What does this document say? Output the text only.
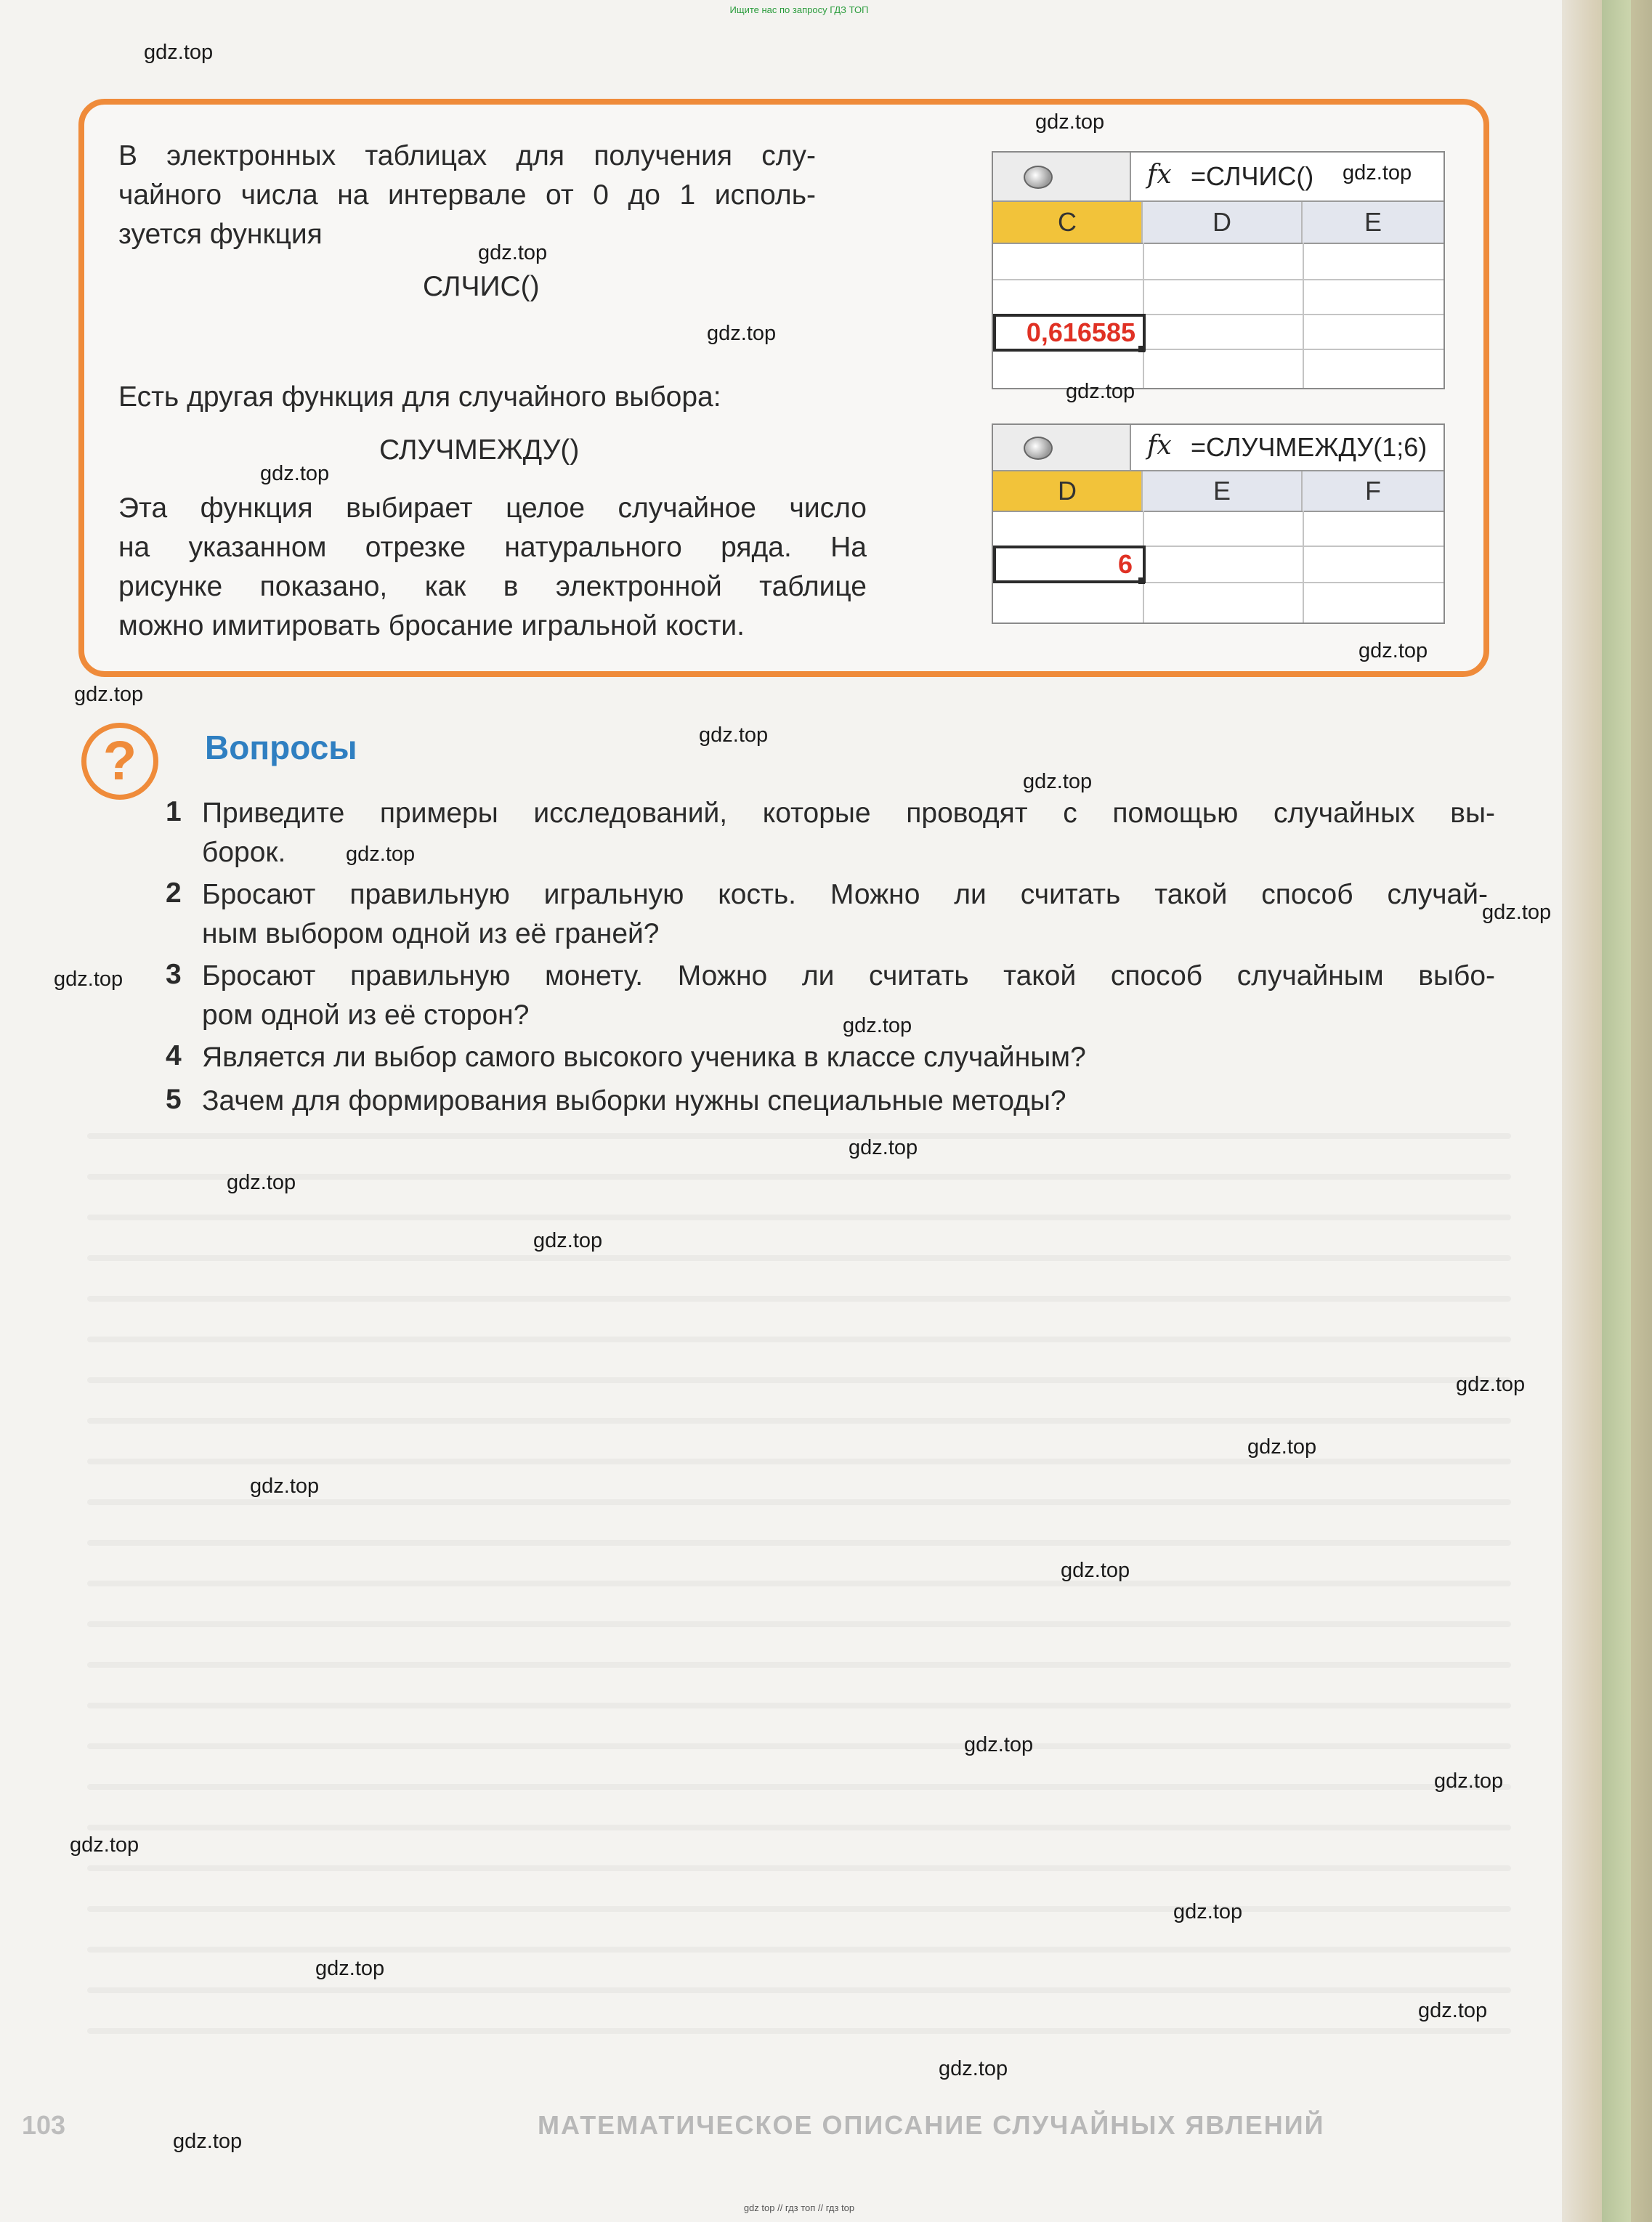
Ищите нас по запросу ГДЗ ТОП
В электронных таблицах для получения слу-
чайного числа на интервале от 0 до 1 исполь-
зуется функция
СЛЧИС()
Есть другая функция для случайного выбора:
СЛУЧМЕЖДУ()
Эта функция выбирает целое случайное число
на указанном отрезке натурального ряда. На
рисунке показано, как в электронной таблице
можно имитировать бросание игральной кости.
fx =СЛЧИС()
C	D	E
0,616585
fx =СЛУЧМЕЖДУ(1;6)
D	E	F
6
?	Вопросы
1 Приведите примеры исследований, которые проводят с помощью случайных вы-
борок.
2 Бросают правильную игральную кость. Можно ли считать такой способ случай-
ным выбором одной из её граней?
3 Бросают правильную монету. Можно ли считать такой способ случайным выбо-
ром одной из её сторон?
4 Является ли выбор самого высокого ученика в классе случайным?
5 Зачем для формирования выборки нужны специальные методы?
103	МАТЕМАТИЧЕСКОЕ ОПИСАНИЕ СЛУЧАЙНЫХ ЯВЛЕНИЙ
gdz.top
gdz.top
gdz.top
gdz.top
gdz.top
gdz.top
gdz.top
gdz.top
gdz.top
gdz.top
gdz.top
gdz.top
gdz.top
gdz.top
gdz.top
gdz.top
gdz.top
gdz.top
gdz.top
gdz.top
gdz.top
gdz.top
gdz.top
gdz.top
gdz.top
gdz.top
gdz.top
gdz.top
gdz.top
gdz.top
gdz top // гдз топ // гдз top
